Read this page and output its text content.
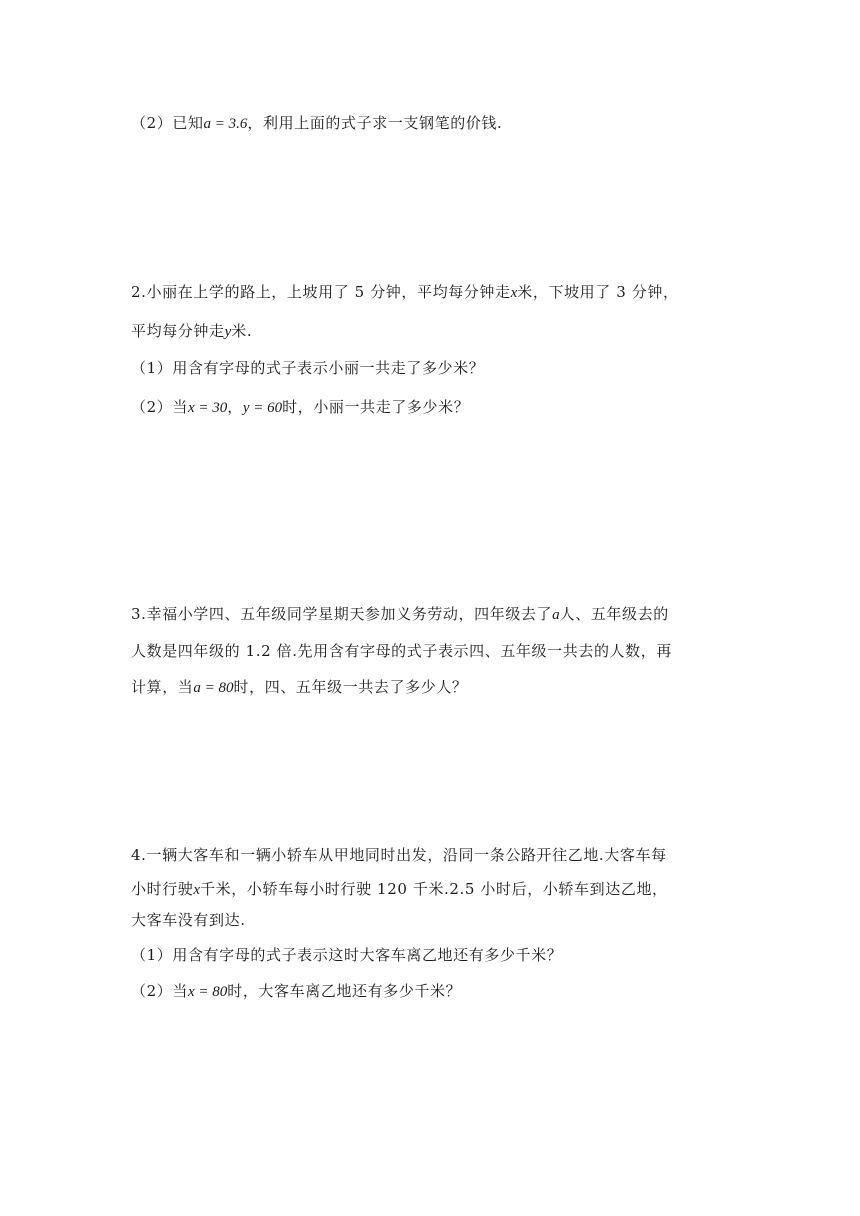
（2）已知a = 3.6，利用上面的式子求一支钢笔的价钱.
2.小丽在上学的路上，上坡用了 5 分钟，平均每分钟走x米，下坡用了 3 分钟，
平均每分钟走y米.
（1）用含有字母的式子表示小丽一共走了多少米？
（2）当x = 30，y = 60时，小丽一共走了多少米？
3.幸福小学四、五年级同学星期天参加义务劳动，四年级去了a人、五年级去的
人数是四年级的 1.2 倍.先用含有字母的式子表示四、五年级一共去的人数，再
计算，当a = 80时，四、五年级一共去了多少人？
4.一辆大客车和一辆小轿车从甲地同时出发，沿同一条公路开往乙地.大客车每
小时行驶x千米，小轿车每小时行驶 120 千米.2.5 小时后，小轿车到达乙地，
大客车没有到达.
（1）用含有字母的式子表示这时大客车离乙地还有多少千米？
（2）当x = 80时，大客车离乙地还有多少千米？
